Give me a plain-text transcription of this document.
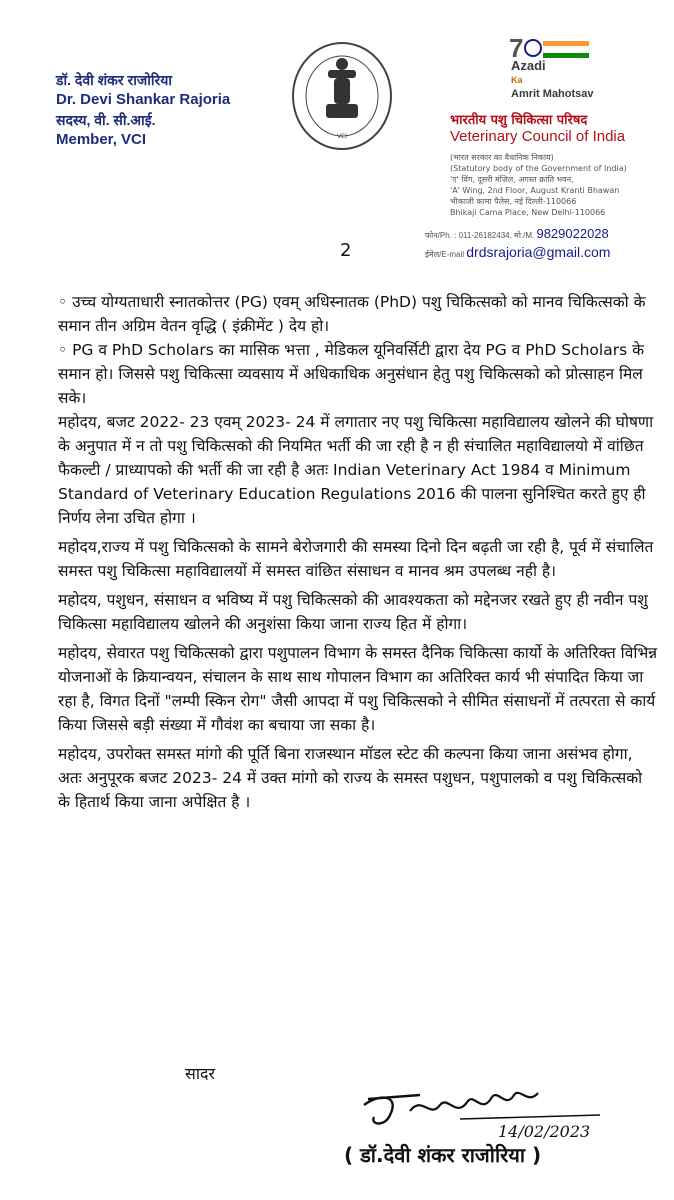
डॉ. देवी शंकर राजोरिया
Dr. Devi Shankar Rajoria
सदस्य, वी. सी.आई.
Member, VCI	VCI
7
Azadi
Ka
Amrit Mahotsav
भारतीय पशु चिकित्सा परिषद
Veterinary Council of India
(भारत सरकार का वैधानिक निकाय)
(Statutory body of the Government of India)
'ए' विंग, दूसरी मंज़िल, अगस्त क्रांति भवन,
'A' Wing, 2nd Floor, August Kranti Bhawan
भीकाजी कामा पैलेस, नई दिल्ली-110066
Bhikaji Cama Place, New Delhi-110066
फोन/Ph. : 011-26182434, मो./M. 9829022028
ईमेल/E-mail drdsrajoria@gmail.com
2

◦ उच्च योग्यताधारी स्नातकोत्तर (PG) एवम् अधिस्नातक (PhD) पशु चिकित्सको को मानव चिकित्सको के समान तीन अग्रिम वेतन वृद्धि ( इंक्रीमेंट ) देय हो।

◦ PG व PhD Scholars का मासिक भत्ता , मेडिकल यूनिवर्सिटी द्वारा देय PG व PhD Scholars के समान हो। जिससे पशु चिकित्सा व्यवसाय में अधिकाधिक अनुसंधान हेतु पशु चिकित्सको को प्रोत्साहन मिल सके।

महोदय, बजट 2022- 23 एवम् 2023- 24 में लगातार नए पशु चिकित्सा महाविद्यालय खोलने की घोषणा के अनुपात में न तो पशु चिकित्सको की नियमित भर्ती की जा रही है न ही संचालित महाविद्यालयो में वांछित फैकल्टी / प्राध्यापको की भर्ती की जा रही है अतः Indian Veterinary Act 1984 व Minimum Standard of Veterinary Education Regulations 2016 की पालना सुनिश्चित करते हुए ही निर्णय लेना उचित होगा ।

महोदय,राज्य में पशु चिकित्सको के सामने बेरोजगारी की समस्या दिनो दिन बढ़ती जा रही है, पूर्व में संचालित समस्त पशु चिकित्सा महाविद्यालयों में समस्त वांछित संसाधन व मानव श्रम उपलब्ध नही है।

महोदय, पशुधन, संसाधन व भविष्य में पशु चिकित्सको की आवश्यकता को मद्देनजर रखते हुए ही नवीन पशु चिकित्सा महाविद्यालय खोलने की अनुशंसा किया जाना राज्य हित में होगा।

महोदय, सेवारत पशु चिकित्सको द्वारा पशुपालन विभाग के समस्त दैनिक चिकित्सा कार्यो के अतिरिक्त विभिन्न योजनाओं के क्रियान्वयन, संचालन के साथ साथ गोपालन विभाग का अतिरिक्त कार्य भी संपादित किया जा रहा है, विगत दिनों "लम्पी स्किन रोग" जैसी आपदा में पशु चिकित्सको ने सीमित संसाधनों में तत्परता से कार्य किया जिससे बड़ी संख्या में गौवंश का बचाया जा सका है।

महोदय, उपरोक्त समस्त मांगो की पूर्ति बिना राजस्थान मॉडल स्टेट की कल्पना किया जाना असंभव होगा, अतः अनुपूरक बजट 2023- 24 में उक्त मांगो को राज्य के समस्त पशुधन, पशुपालको व पशु चिकित्सको के हितार्थ किया जाना अपेक्षित है ।

सादर
14/02/2023
( डॉ.देवी शंकर राजोरिया )
